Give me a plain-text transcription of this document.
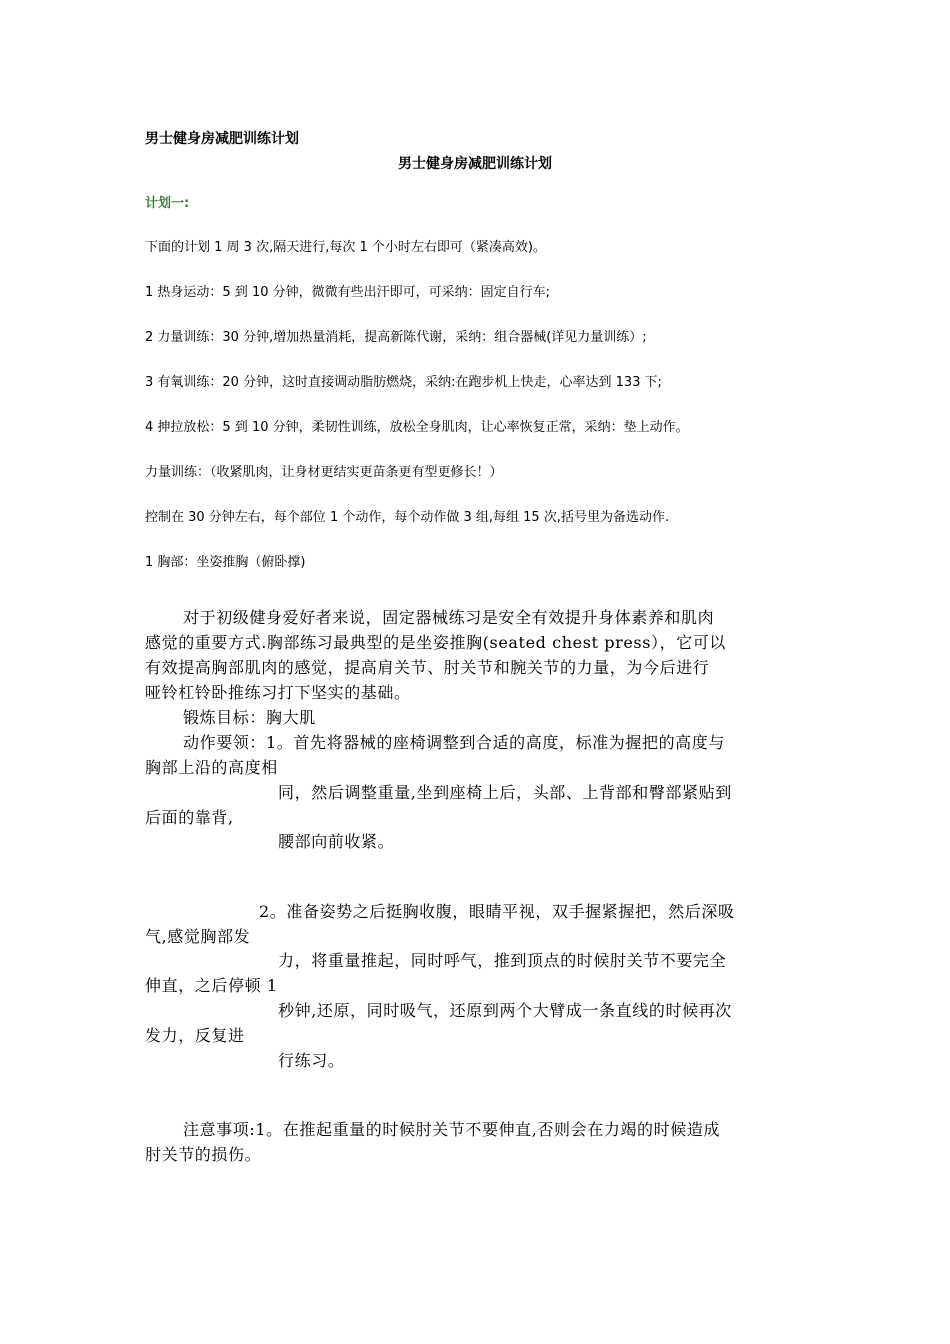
男士健身房减肥训练计划
男士健身房减肥训练计划
计划一:
下面的计划 1 周 3 次,隔天进行,每次 1 个小时左右即可（紧凑高效)。
1 热身运动：5 到 10 分钟，微微有些出汗即可，可采纳：固定自行车;
2 力量训练：30 分钟,增加热量消耗，提高新陈代谢，采纳：组合器械(详见力量训练）;
3 有氧训练：20 分钟，这时直接调动脂肪燃烧，采纳:在跑步机上快走，心率达到 133 下;
4 抻拉放松：5 到 10 分钟，柔韧性训练，放松全身肌肉，让心率恢复正常，采纳：垫上动作。
力量训练：（收紧肌肉，让身材更结实更苗条更有型更修长！）
控制在 30 分钟左右，每个部位 1 个动作，每个动作做 3 组,每组 15 次,括号里为备选动作.
1 胸部：坐姿推胸（俯卧撑)
对于初级健身爱好者来说，固定器械练习是安全有效提升身体素养和肌肉
感觉的重要方式.胸部练习最典型的是坐姿推胸(seated chest press），它可以
有效提高胸部肌肉的感觉，提高肩关节、肘关节和腕关节的力量，为今后进行
哑铃杠铃卧推练习打下坚实的基础。
锻炼目标：胸大肌
动作要领：1。首先将器械的座椅调整到合适的高度，标准为握把的高度与
胸部上沿的高度相
同，然后调整重量,坐到座椅上后，头部、上背部和臀部紧贴到
后面的靠背,
腰部向前收紧。
2。准备姿势之后挺胸收腹，眼睛平视，双手握紧握把，然后深吸
气,感觉胸部发
力，将重量推起，同时呼气，推到顶点的时候肘关节不要完全
伸直，之后停顿 1
秒钟,还原，同时吸气，还原到两个大臂成一条直线的时候再次
发力，反复进
行练习。
注意事项:1。在推起重量的时候肘关节不要伸直,否则会在力竭的时候造成
肘关节的损伤。
